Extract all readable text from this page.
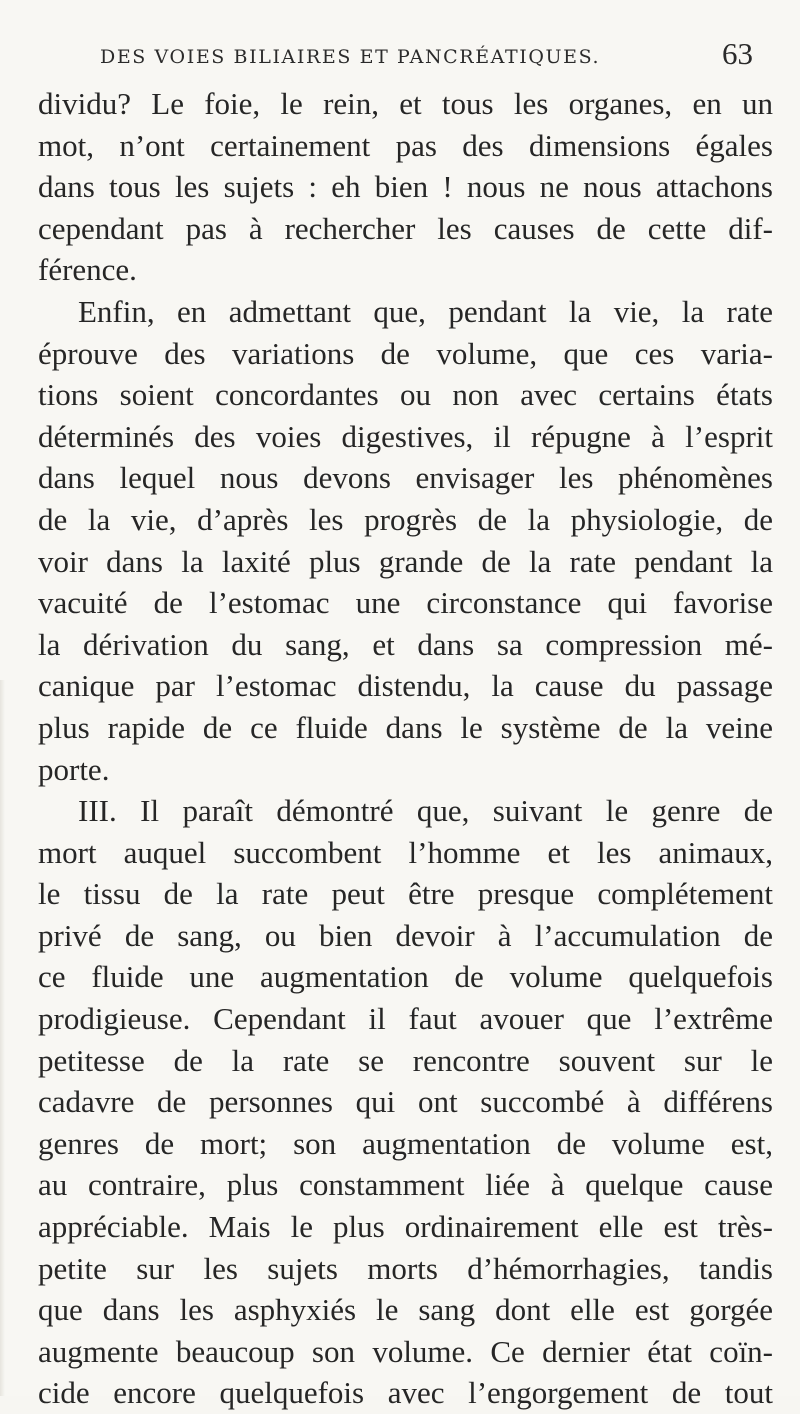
DES VOIES BILIAIRES ET PANCRÉATIQUES.	63
dividu? Le foie, le rein, et tous les organes, en un
mot, n’ont certainement pas des dimensions égales
dans tous les sujets : eh bien ! nous ne nous attachons
cependant pas à rechercher les causes de cette dif-
férence.
Enfin, en admettant que, pendant la vie, la rate
éprouve des variations de volume, que ces varia-
tions soient concordantes ou non avec certains états
déterminés des voies digestives, il répugne à l’esprit
dans lequel nous devons envisager les phénomènes
de la vie, d’après les progrès de la physiologie, de
voir dans la laxité plus grande de la rate pendant la
vacuité de l’estomac une circonstance qui favorise
la dérivation du sang, et dans sa compression mé-
canique par l’estomac distendu, la cause du passage
plus rapide de ce fluide dans le système de la veine
porte.
III. Il paraît démontré que, suivant le genre de
mort auquel succombent l’homme et les animaux,
le tissu de la rate peut être presque complétement
privé de sang, ou bien devoir à l’accumulation de
ce fluide une augmentation de volume quelquefois
prodigieuse. Cependant il faut avouer que l’extrême
petitesse de la rate se rencontre souvent sur le
cadavre de personnes qui ont succombé à différens
genres de mort; son augmentation de volume est,
au contraire, plus constamment liée à quelque cause
appréciable. Mais le plus ordinairement elle est très-
petite sur les sujets morts d’hémorrhagies, tandis
que dans les asphyxiés le sang dont elle est gorgée
augmente beaucoup son volume. Ce dernier état coïn-
cide encore quelquefois avec l’engorgement de tout
